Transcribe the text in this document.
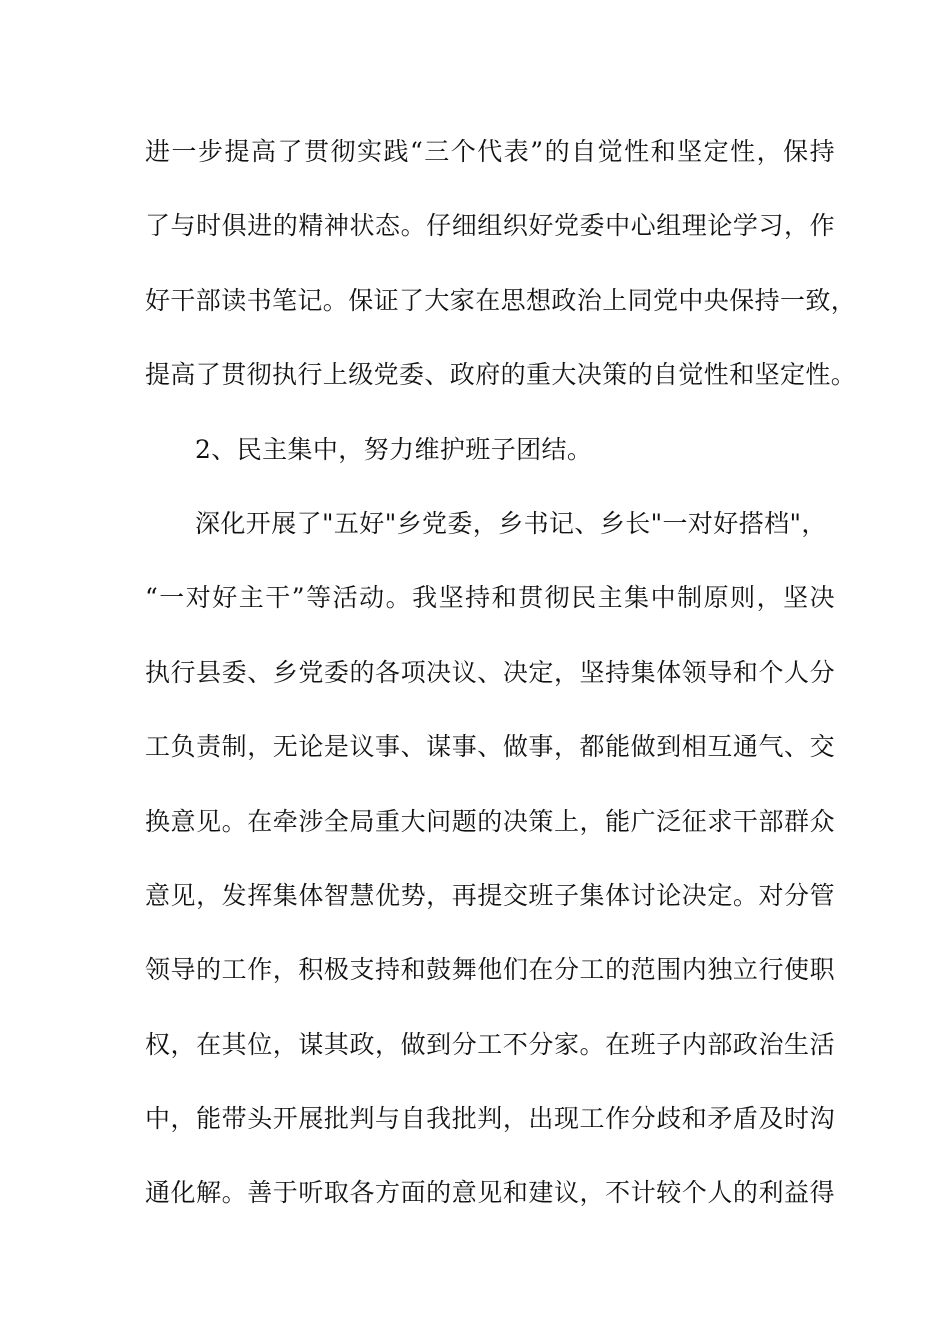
进一步提高了贯彻实践“三个代表”的自觉性和坚定性，保持
了与时俱进的精神状态。仔细组织好党委中心组理论学习，作
好干部读书笔记。保证了大家在思想政治上同党中央保持一致，
提高了贯彻执行上级党委、政府的重大决策的自觉性和坚定性。
2、民主集中，努力维护班子团结。
深化开展了"五好"乡党委，乡书记、乡长"一对好搭档"，
“一对好主干”等活动。我坚持和贯彻民主集中制原则，坚决
执行县委、乡党委的各项决议、决定，坚持集体领导和个人分
工负责制，无论是议事、谋事、做事，都能做到相互通气、交
换意见。在牵涉全局重大问题的决策上，能广泛征求干部群众
意见，发挥集体智慧优势，再提交班子集体讨论决定。对分管
领导的工作，积极支持和鼓舞他们在分工的范围内独立行使职
权，在其位，谋其政，做到分工不分家。在班子内部政治生活
中，能带头开展批判与自我批判，出现工作分歧和矛盾及时沟
通化解。善于听取各方面的意见和建议，不计较个人的利益得
